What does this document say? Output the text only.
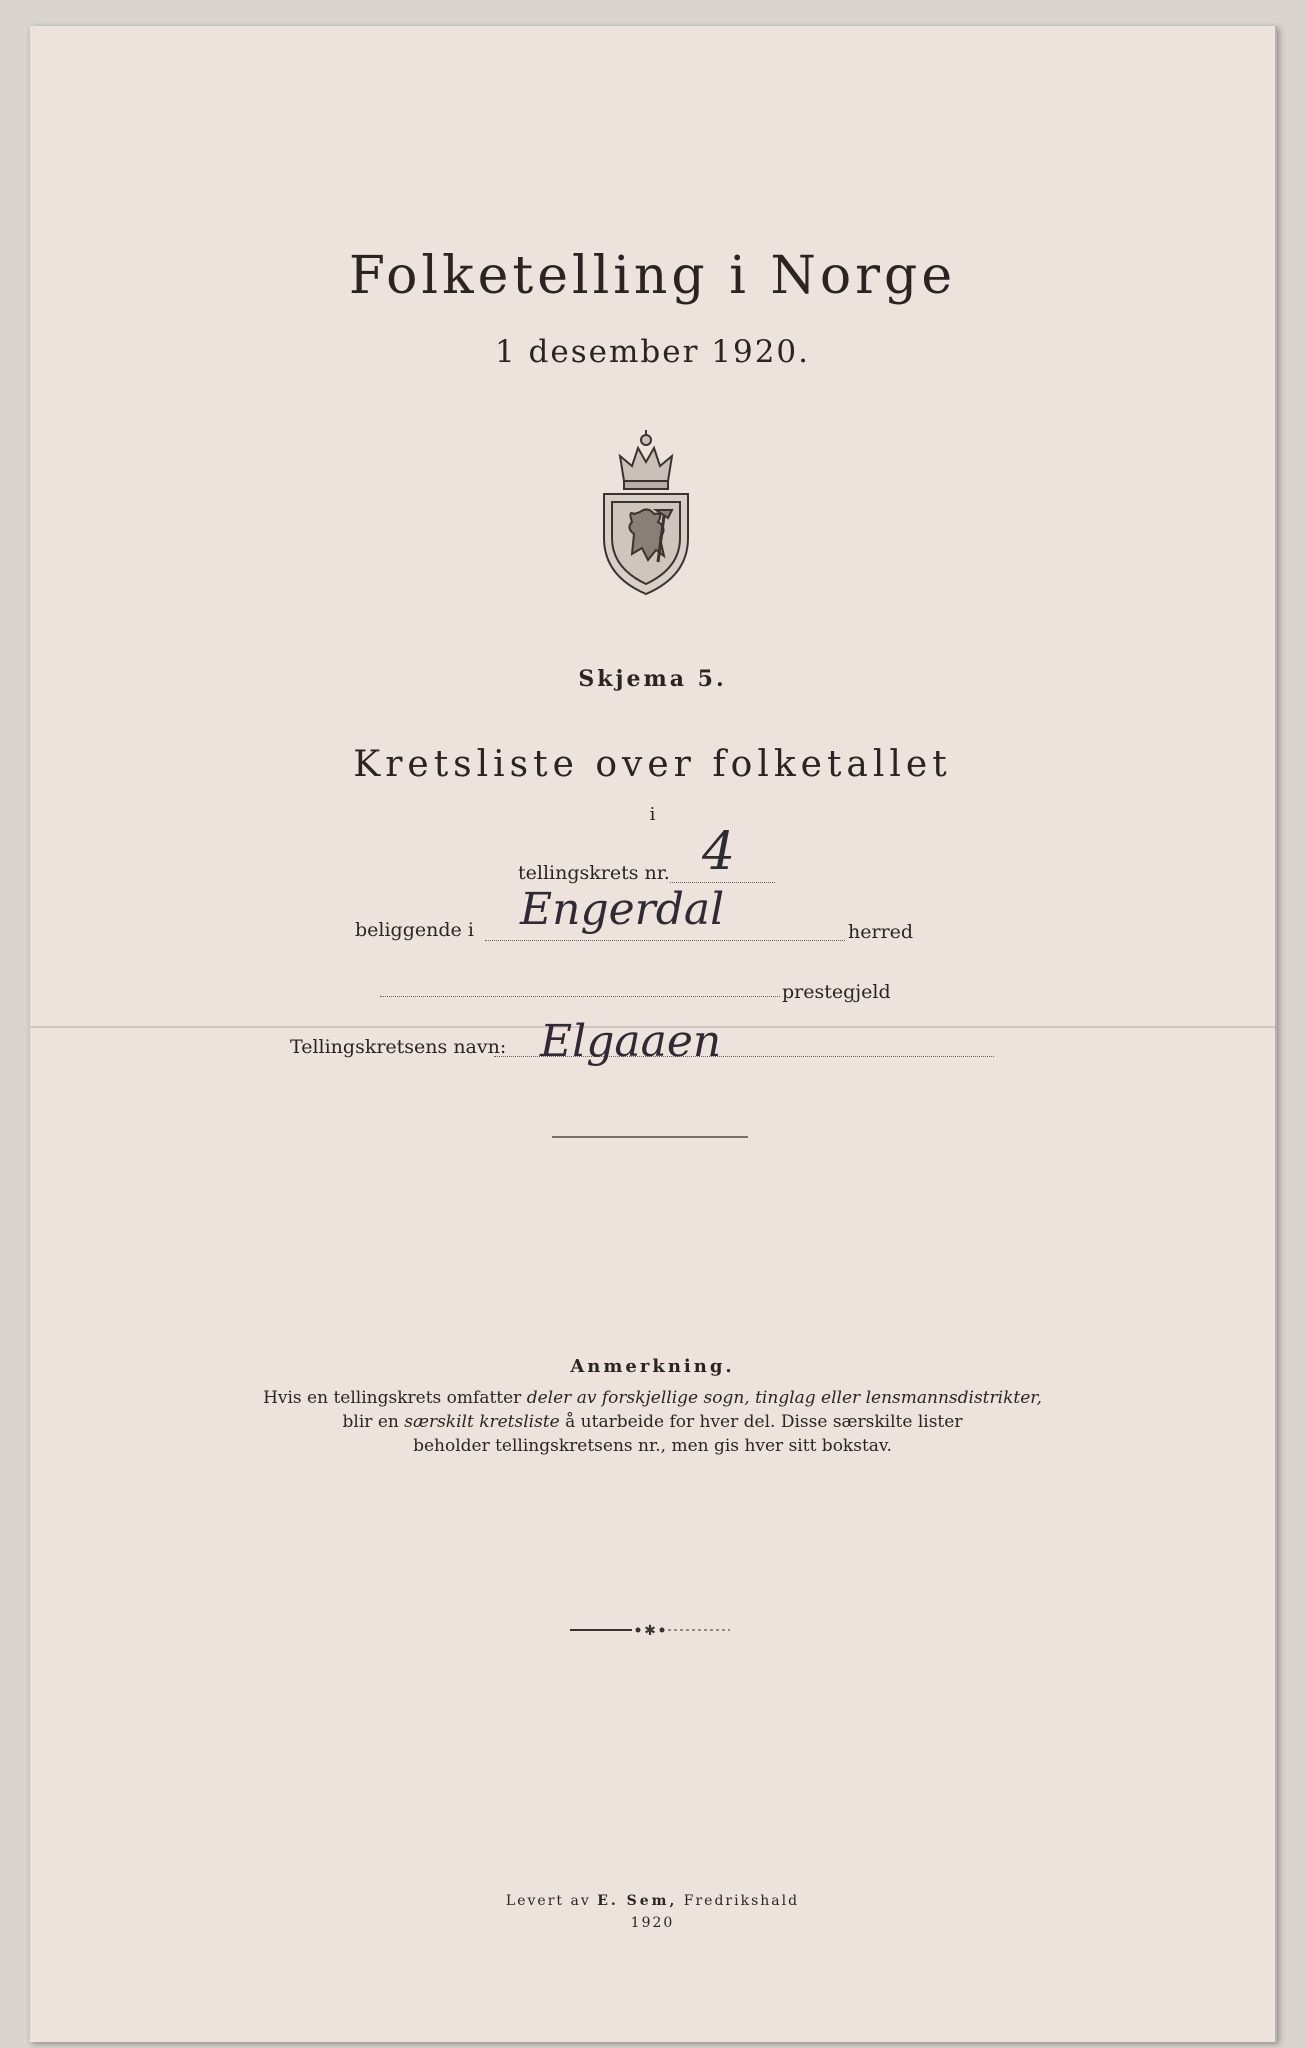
Folketelling i Norge
1 desember 1920.
Skjema 5.
Kretsliste over folketallet
i
tellingskrets nr. 4
beliggende i Engerdal	herred
prestegjeld
Tellingskretsens navn: Elgaaen
Anmerkning.
Hvis en tellingskrets omfatter deler av forskjellige sogn, tinglag eller lensmannsdistrikter,
blir en særskilt kretsliste å utarbeide for hver del. Disse særskilte lister
beholder tellingskretsens nr., men gis hver sitt bokstav.
✱
Levert av E. Sem, Fredrikshald
1920
